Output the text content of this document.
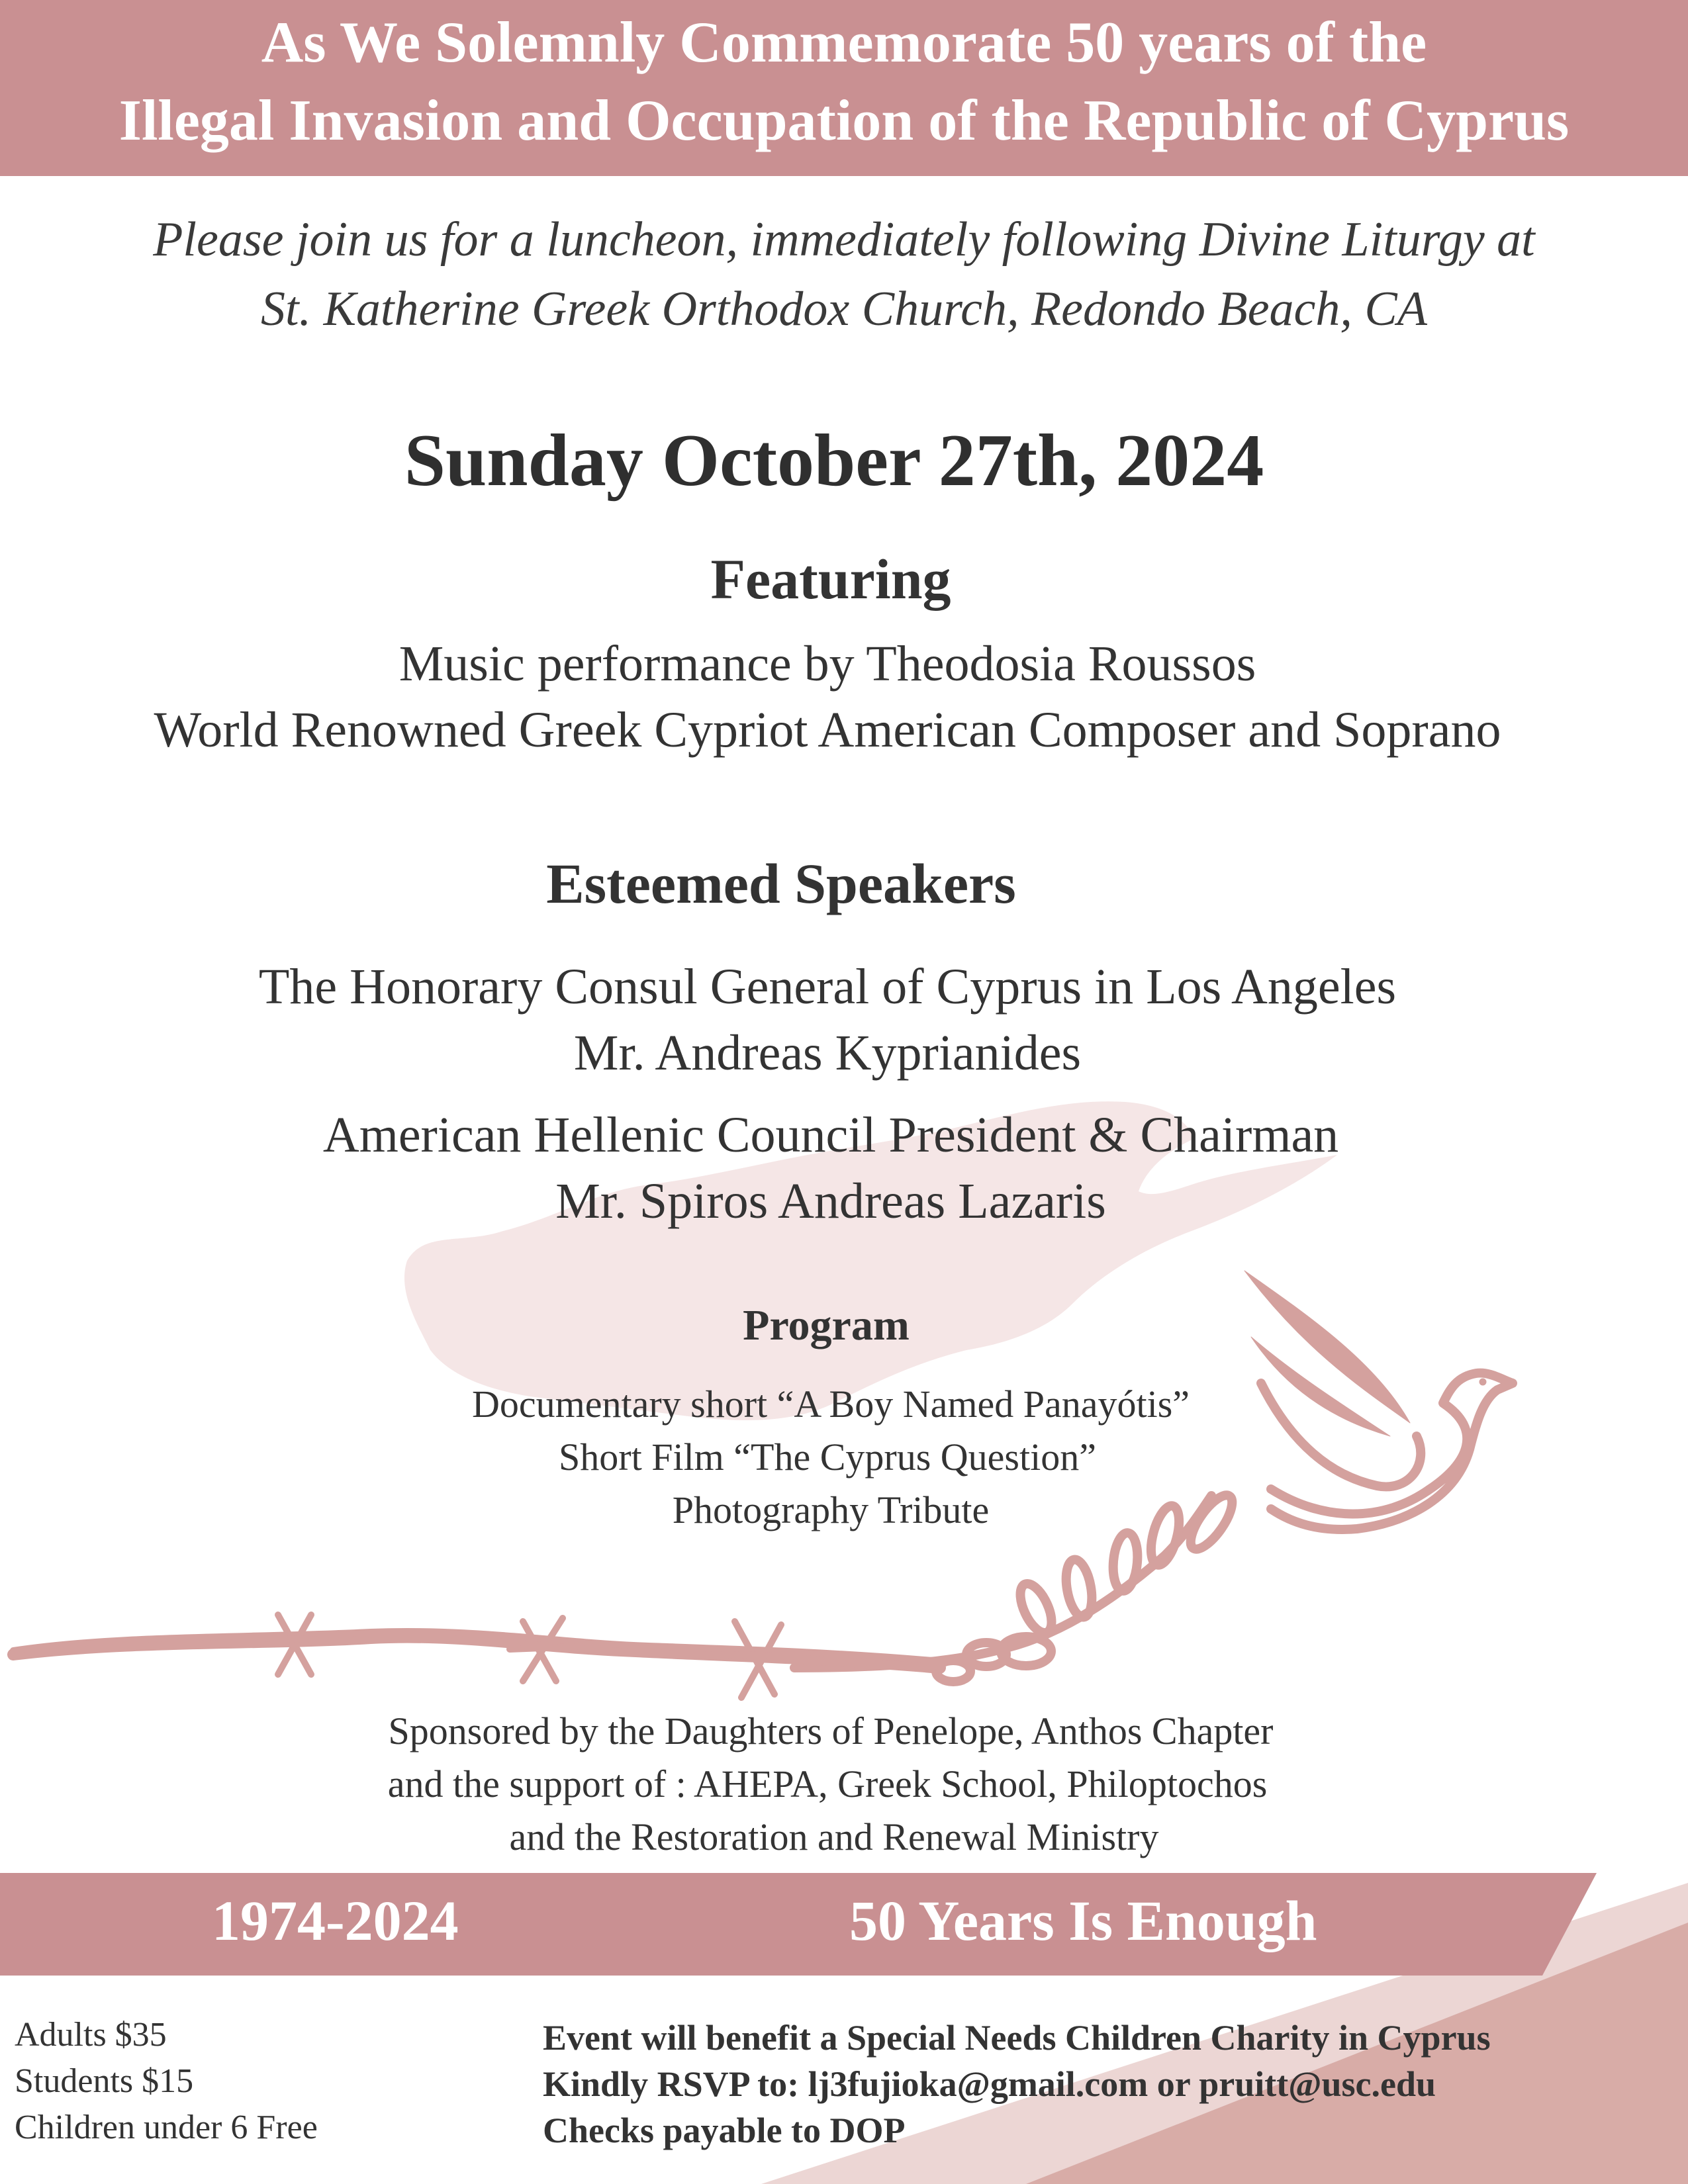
As We Solemnly Commemorate 50 years of the
Illegal Invasion and Occupation of the Republic of Cyprus
Please join us for a luncheon, immediately following Divine Liturgy at
St. Katherine Greek Orthodox Church, Redondo Beach, CA
Sunday October 27th, 2024
Featuring
Music performance by Theodosia Roussos
World Renowned Greek Cypriot American Composer and Soprano
Esteemed Speakers
The Honorary Consul General of Cyprus in Los Angeles
Mr. Andreas Kyprianides
American Hellenic Council President & Chairman
Mr. Spiros Andreas Lazaris
Program
Documentary short “A Boy Named Panayótis”
Short Film “The Cyprus Question”
Photography Tribute
Sponsored by the Daughters of Penelope, Anthos Chapter
and the support of : AHEPA, Greek School, Philoptochos
and the Restoration and Renewal Ministry
1974-2024	50 Years Is Enough
Adults $35
Students $15
Children under 6 Free
Event will benefit a Special Needs Children Charity in Cyprus
Kindly RSVP to: lj3fujioka@gmail.com or pruitt@usc.edu
Checks payable to DOP
